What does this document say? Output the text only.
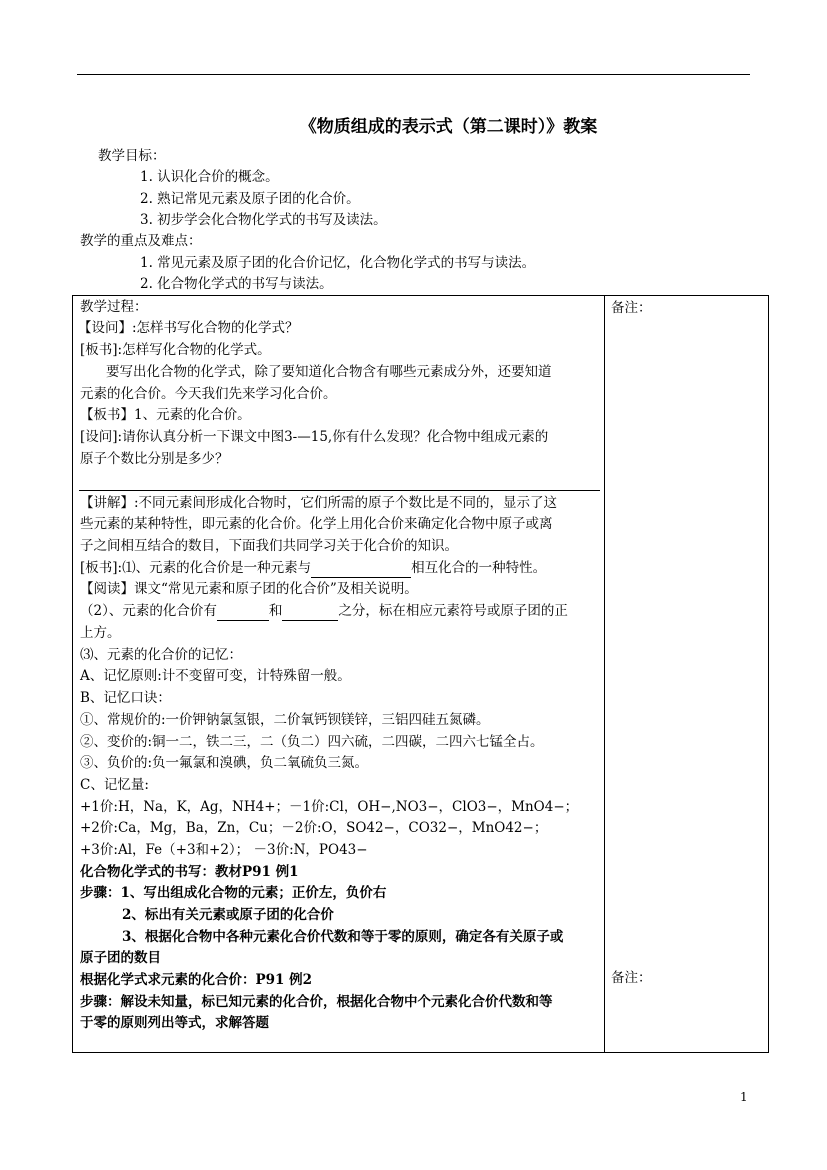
《物质组成的表示式（第二课时）》教案
教学目标：
1. 认识化合价的概念。
2. 熟记常见元素及原子团的化合价。
3. 初步学会化合物化学式的书写及读法。
教学的重点及难点：
1. 常见元素及原子团的化合价记忆，化合物化学式的书写与读法。
2. 化合物化学式的书写与读法。
备注：
备注：
教学过程：
【设问】:怎样书写化合物的化学式？
[板书]:怎样写化合物的化学式。
要写出化合物的化学式，除了要知道化合物含有哪些元素成分外，还要知道
元素的化合价。今天我们先来学习化合价。
【板书】1、元素的化合价。
[设问]:请你认真分析一下课文中图3-—15,你有什么发现？化合物中组成元素的
原子个数比分别是多少？
【讲解】:不同元素间形成化合物时，它们所需的原子个数比是不同的，显示了这
些元素的某种特性，即元素的化合价。化学上用化合价来确定化合物中原子或离
子之间相互结合的数目，下面我们共同学习关于化合价的知识。
[板书]:⑴、元素的化合价是一种元素与	相互化合的一种特性。
【阅读】课文“常见元素和原子团的化合价”及相关说明。
（2）、元素的化合价有	和	之分，标在相应元素符号或原子团的正
上方。
⑶、元素的化合价的记忆：
A、记忆原则:计不变留可变，计特殊留一般。
B、记忆口诀：
①、常规价的:一价钾钠氯氢银，二价氧钙钡镁锌，三铝四硅五氮磷。
②、变价的:铜一二，铁二三，二（负二）四六硫，二四碳，二四六七锰全占。
③、负价的:负一氟氯和溴碘，负二氧硫负三氮。
C、记忆量:
+1价:H，Na，K，Ag，NH4+；－1价:Cl，OH−,NO3−，ClO3−，MnO4−；
+2价:Ca，Mg，Ba，Zn，Cu；－2价:O，SO42−，CO32−，MnO42−；
+3价:Al，Fe（+3和+2）； －3价:N，PO43−
化合物化学式的书写：教材P91 例1
步骤：1、写出组成化合物的元素；正价左，负价右
2、标出有关元素或原子团的化合价
3、根据化合物中各种元素化合价代数和等于零的原则，确定各有关原子或
原子团的数目
根据化学式求元素的化合价：P91 例2
步骤：解设未知量，标已知元素的化合价，根据化合物中个元素化合价代数和等
于零的原则列出等式，求解答题
1
